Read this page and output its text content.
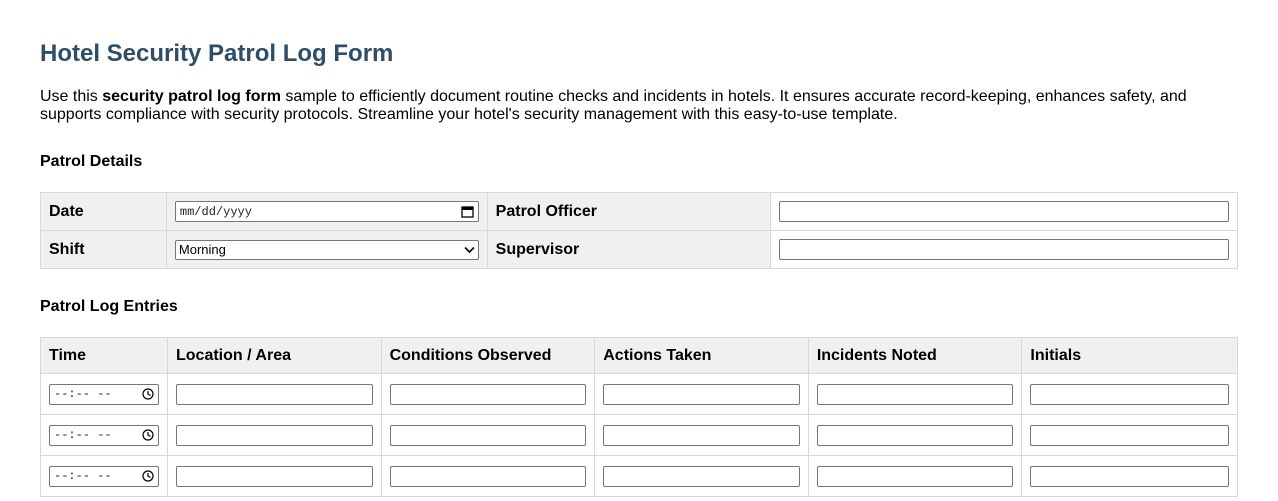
Hotel Security Patrol Log Form

Use this security patrol log form sample to efficiently document routine checks and incidents in hotels. It ensures accurate record-keeping, enhances safety, and supports compliance with security protocols. Streamline your hotel's security management with this easy-to-use template.

Patrol Details
Date	mm/dd/yyyy	Patrol Officer	
Shift	Morning	Supervisor	
Patrol Log Entries
Time	Location / Area	Conditions Observed	Actions Taken	Incidents Noted	Initials

--:-- --

--:-- --

--:-- --
